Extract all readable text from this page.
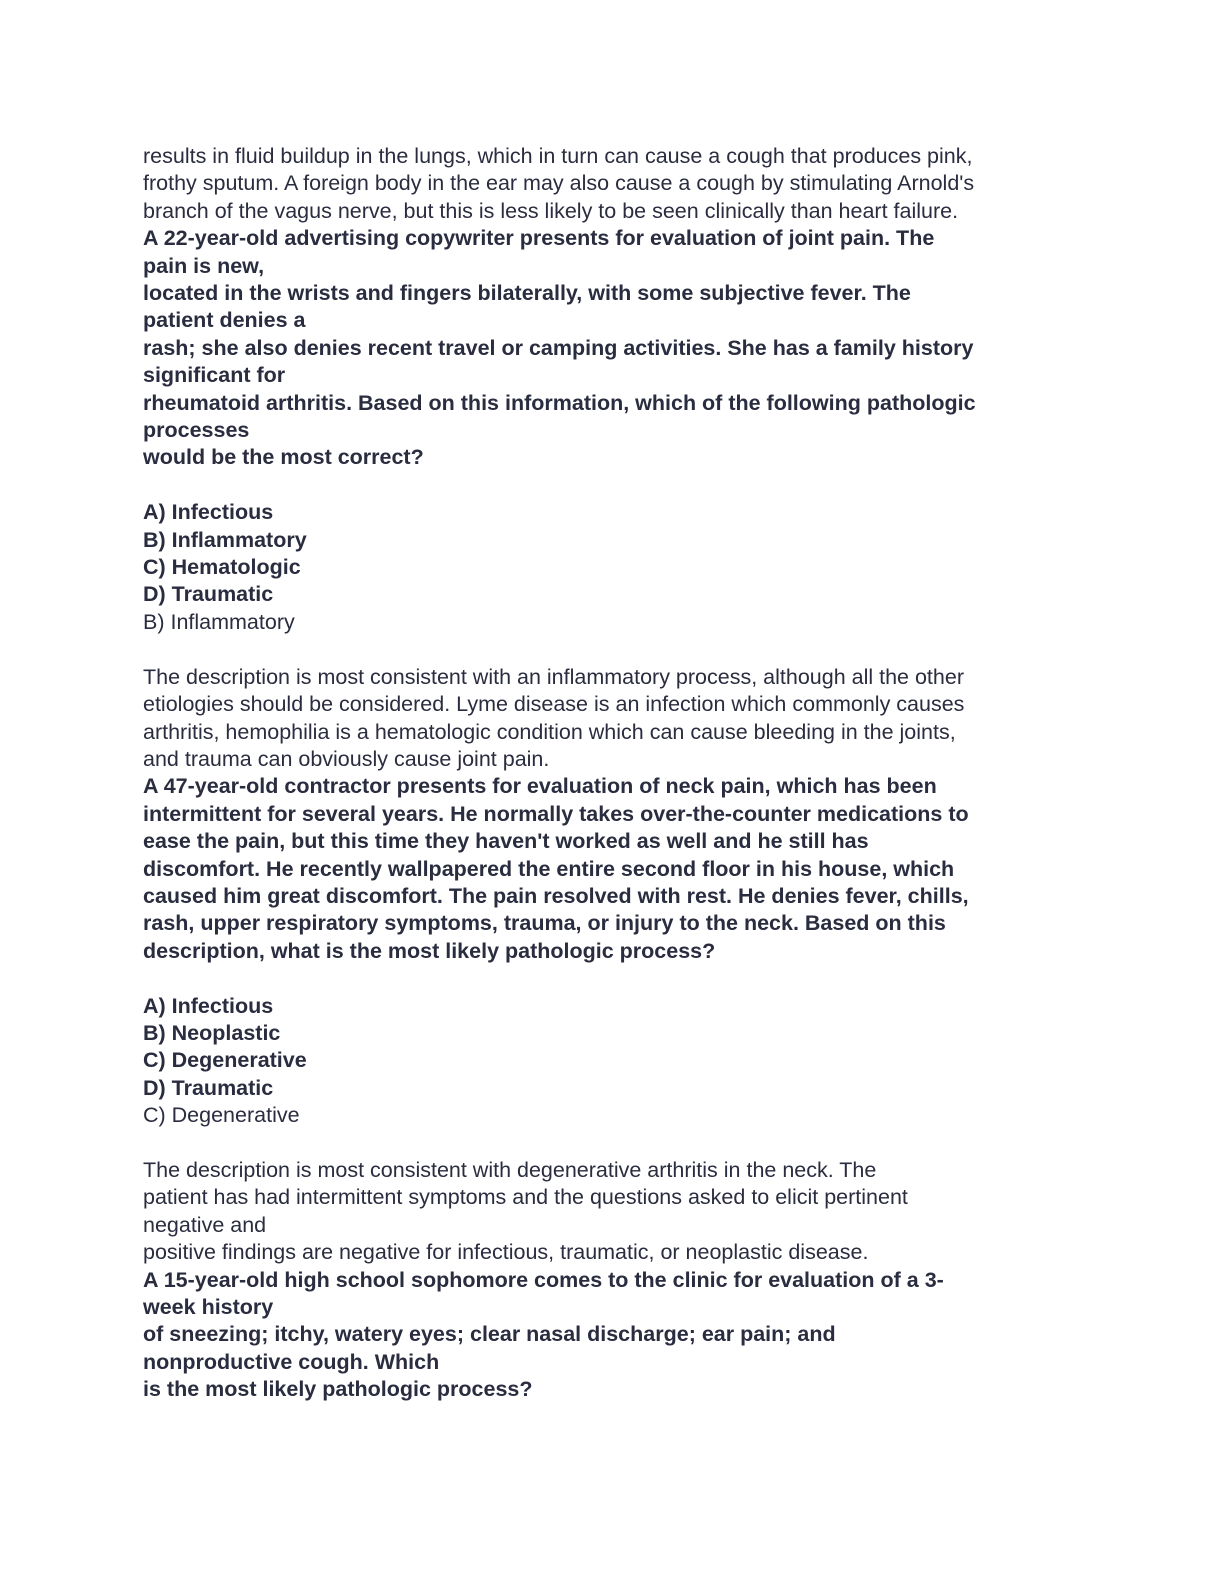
results in fluid buildup in the lungs, which in turn can cause a cough that produces pink,
frothy sputum. A foreign body in the ear may also cause a cough by stimulating Arnold's
branch of the vagus nerve, but this is less likely to be seen clinically than heart failure.
A 22-year-old advertising copywriter presents for evaluation of joint pain. The
pain is new,
located in the wrists and fingers bilaterally, with some subjective fever. The
patient denies a
rash; she also denies recent travel or camping activities. She has a family history
significant for
rheumatoid arthritis. Based on this information, which of the following pathologic
processes
would be the most correct?
A) Infectious
B) Inflammatory
C) Hematologic
D) Traumatic
B) Inflammatory
The description is most consistent with an inflammatory process, although all the other
etiologies should be considered. Lyme disease is an infection which commonly causes
arthritis, hemophilia is a hematologic condition which can cause bleeding in the joints,
and trauma can obviously cause joint pain.
A 47-year-old contractor presents for evaluation of neck pain, which has been
intermittent for several years. He normally takes over-the-counter medications to
ease the pain, but this time they haven't worked as well and he still has
discomfort. He recently wallpapered the entire second floor in his house, which
caused him great discomfort. The pain resolved with rest. He denies fever, chills,
rash, upper respiratory symptoms, trauma, or injury to the neck. Based on this
description, what is the most likely pathologic process?
A) Infectious
B) Neoplastic
C) Degenerative
D) Traumatic
C) Degenerative
The description is most consistent with degenerative arthritis in the neck. The
patient has had intermittent symptoms and the questions asked to elicit pertinent
negative and
positive findings are negative for infectious, traumatic, or neoplastic disease.
A 15-year-old high school sophomore comes to the clinic for evaluation of a 3-
week history
of sneezing; itchy, watery eyes; clear nasal discharge; ear pain; and
nonproductive cough. Which
is the most likely pathologic process?
